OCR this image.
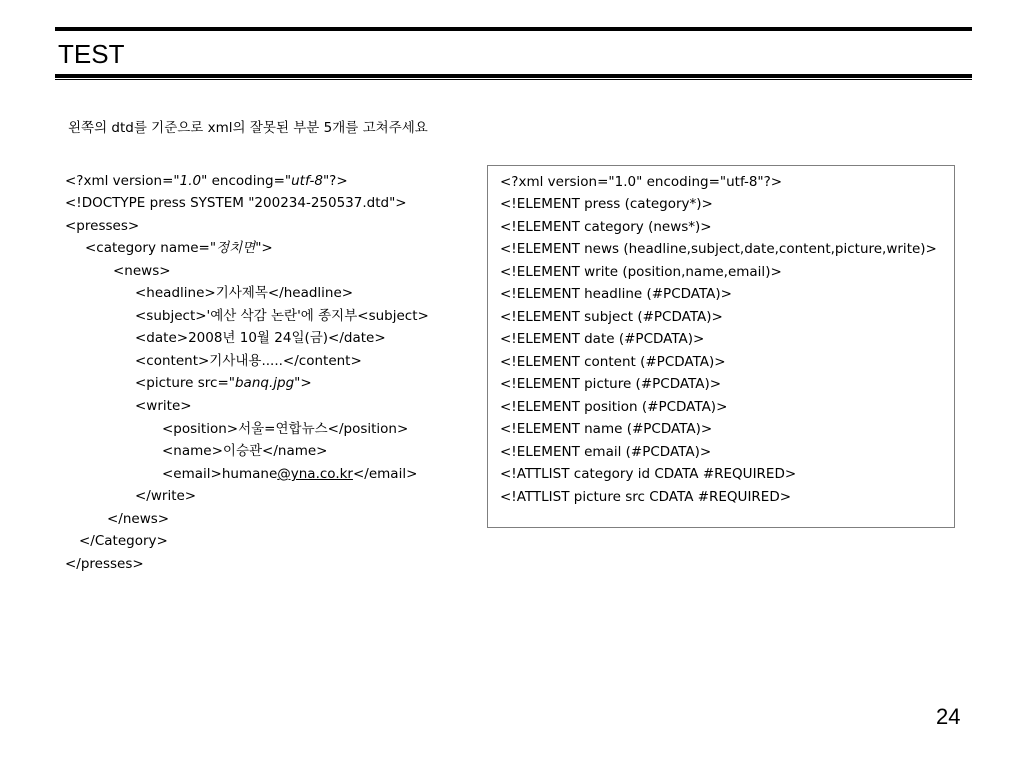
TEST
왼쪽의 dtd를 기준으로 xml의 잘못된 부분 5개를 고쳐주세요
<?xml version="1.0" encoding="utf-8"?>
<!DOCTYPE press SYSTEM "200234-250537.dtd">
<presses>
<category name="정치면">
<news>
<headline>기사제목</headline>
<subject>'예산 삭감 논란'에 종지부<subject>
<date>2008년 10월 24일(금)</date>
<content>기사내용.....</content>
<picture src="banq.jpg">
<write>
<position>서울=연합뉴스</position>
<name>이승관</name>
<email>humane@yna.co.kr</email>
</write>
</news>
</Category>
</presses>
<?xml version="1.0" encoding="utf-8"?>
<!ELEMENT press (category*)>
<!ELEMENT category (news*)>
<!ELEMENT news (headline,subject,date,content,picture,write)>
<!ELEMENT write (position,name,email)>
<!ELEMENT headline (#PCDATA)>
<!ELEMENT subject (#PCDATA)>
<!ELEMENT date (#PCDATA)>
<!ELEMENT content (#PCDATA)>
<!ELEMENT picture (#PCDATA)>
<!ELEMENT position (#PCDATA)>
<!ELEMENT name (#PCDATA)>
<!ELEMENT email (#PCDATA)>
<!ATTLIST category id CDATA #REQUIRED>
<!ATTLIST picture src CDATA #REQUIRED>
24
